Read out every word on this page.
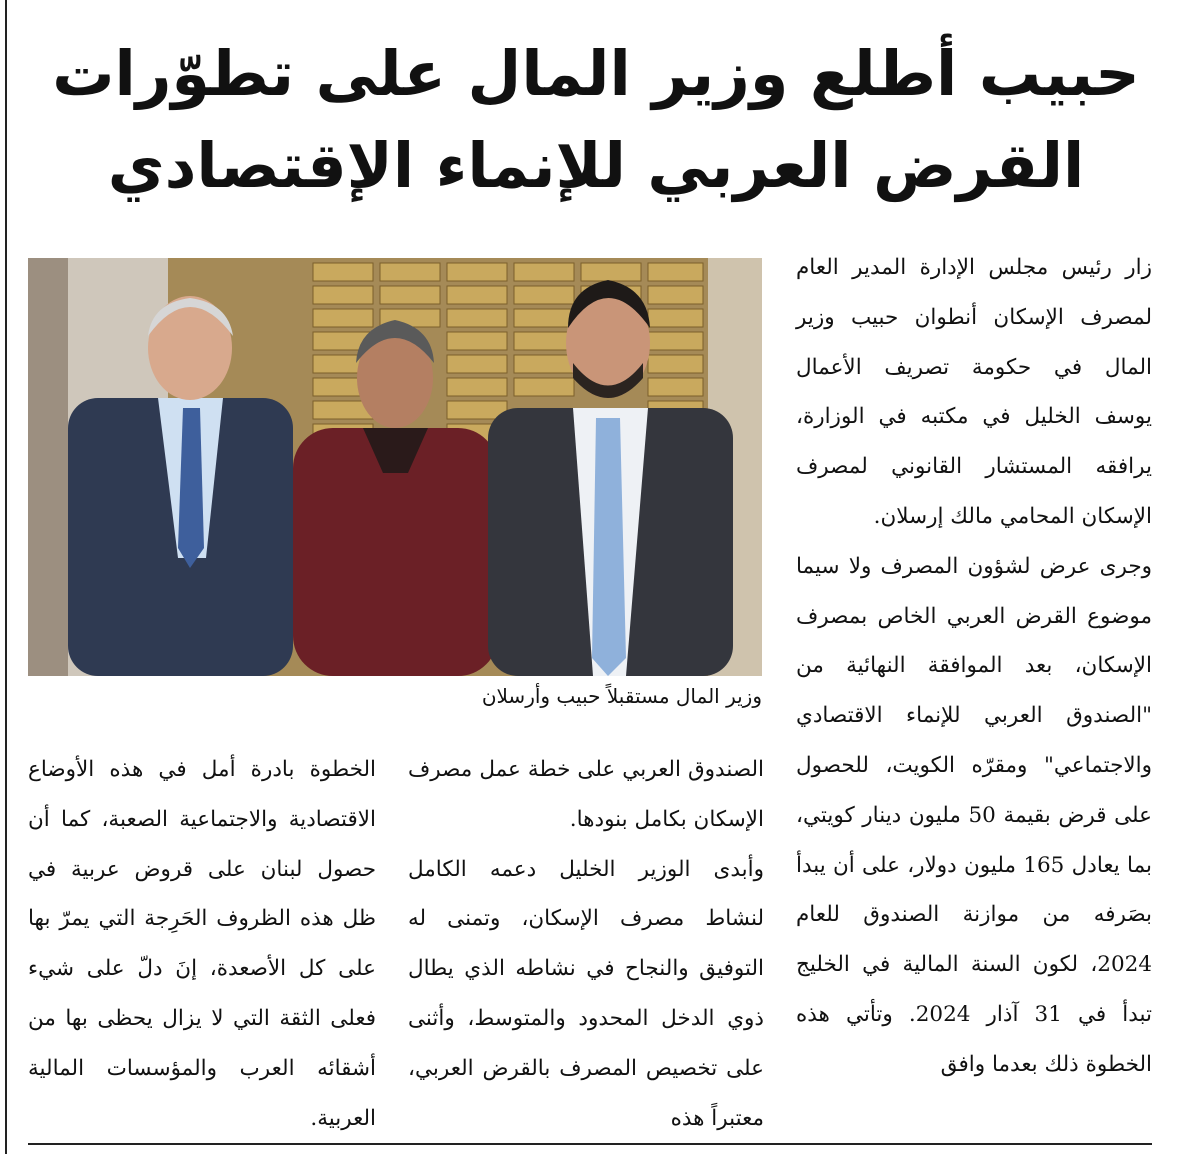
حبيب أطلع وزير المال على تطوّرات
القرض العربي للإنماء الإقتصادي

زار رئيس مجلس الإدارة المدير العام لمصرف الإسكان أنطوان حبيب وزير المال في حكومة تصريف الأعمال يوسف الخليل في مكتبه في الوزارة، يرافقه المستشار القانوني لمصرف الإسكان المحامي مالك إرسلان.

وجرى عرض لشؤون المصرف ولا سيما موضوع القرض العربي الخاص بمصرف الإسكان، بعد الموافقة النهائية من "الصندوق العربي للإنماء الاقتصادي والاجتماعي" ومقرّه الكويت، للحصول على قرض بقيمة 50 مليون دينار كويتي، بما يعادل 165 مليون دولار، على أن يبدأ بصَرفه من موازنة الصندوق للعام 2024، لكون السنة المالية في الخليج تبدأ في 31 آذار 2024. وتأتي هذه الخطوة ذلك بعدما وافق

وزير المال مستقبلاً حبيب وأرسلان

الصندوق العربي على خطة عمل مصرف الإسكان بكامل بنودها.

وأبدى الوزير الخليل دعمه الكامل لنشاط مصرف الإسكان، وتمنى له التوفيق والنجاح في نشاطه الذي يطال ذوي الدخل المحدود والمتوسط، وأثنى على تخصيص المصرف بالقرض العربي، معتبراً هذه

الخطوة بادرة أمل في هذه الأوضاع الاقتصادية والاجتماعية الصعبة، كما أن حصول لبنان على قروض عربية في ظل هذه الظروف الحَرِجة التي يمرّ بها على كل الأصعدة، إنَ دلّ على شيء فعلى الثقة التي لا يزال يحظى بها من أشقائه العرب والمؤسسات المالية العربية.
